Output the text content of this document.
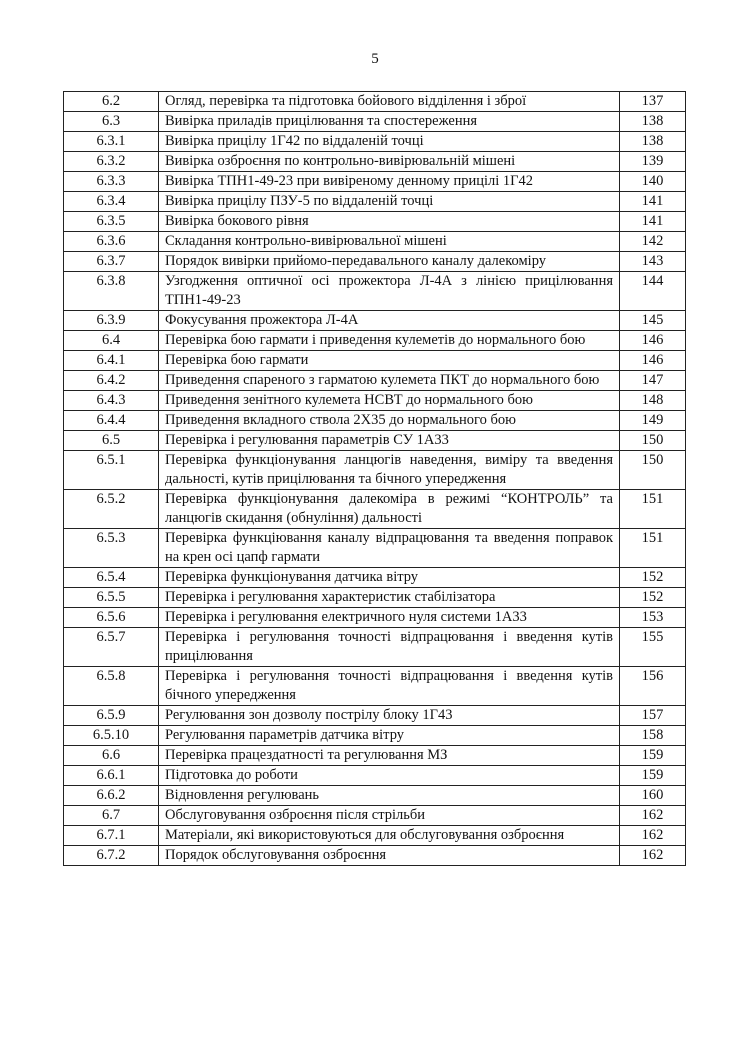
5
6.2	Огляд, перевірка та підготовка бойового відділення і зброї	137
6.3	Вивірка приладів прицілювання та спостереження	138
6.3.1	Вивірка прицілу 1Г42 по віддаленій точці	138
6.3.2	Вивірка озброєння по контрольно-вивірювальній мішені	139
6.3.3	Вивірка ТПН1-49-23 при вивіреному денному прицілі 1Г42	140
6.3.4	Вивірка прицілу ПЗУ-5 по віддаленій точці	141
6.3.5	Вивірка бокового рівня	141
6.3.6	Складання контрольно-вивірювальної мішені	142
6.3.7	Порядок вивірки прийомо-передавального каналу далекоміру	143
6.3.8	Узгодження оптичної осі прожектора Л-4А з лінією прицілювання ТПН1-49-23	144
6.3.9	Фокусування прожектора Л-4А	145
6.4	Перевірка бою гармати і приведення кулеметів до нормального бою	146
6.4.1	Перевірка бою гармати	146
6.4.2	Приведення спареного з гарматою кулемета ПКТ до нормального бою	147
6.4.3	Приведення зенітного кулемета НСВТ до нормального бою	148
6.4.4	Приведення вкладного ствола 2Х35 до нормального бою	149
6.5	Перевірка і регулювання параметрів СУ 1А33	150
6.5.1	Перевірка функціонування ланцюгів наведення, виміру та введення дальності, кутів прицілювання та бічного упередження	150
6.5.2	Перевірка функціонування далекоміра в режимі “КОНТРОЛЬ” та ланцюгів скидання (обнуління) дальності	151
6.5.3	Перевірка функціювання каналу відпрацювання та введення поправок на крен осі цапф гармати	151
6.5.4	Перевірка функціонування датчика вітру	152
6.5.5	Перевірка і регулювання характеристик стабілізатора	152
6.5.6	Перевірка і регулювання електричного нуля системи 1А33	153
6.5.7	Перевірка і регулювання точності відпрацювання і введення кутів прицілювання	155
6.5.8	Перевірка і регулювання точності відпрацювання і введення кутів бічного упередження	156
6.5.9	Регулювання зон дозволу пострілу блоку 1Г43	157
6.5.10	Регулювання параметрів датчика вітру	158
6.6	Перевірка працездатності та регулювання МЗ	159
6.6.1	Підготовка до роботи	159
6.6.2	Відновлення регулювань	160
6.7	Обслуговування озброєння після стрільби	162
6.7.1	Матеріали, які використовуються для обслуговування озброєння	162
6.7.2	Порядок обслуговування озброєння	162
